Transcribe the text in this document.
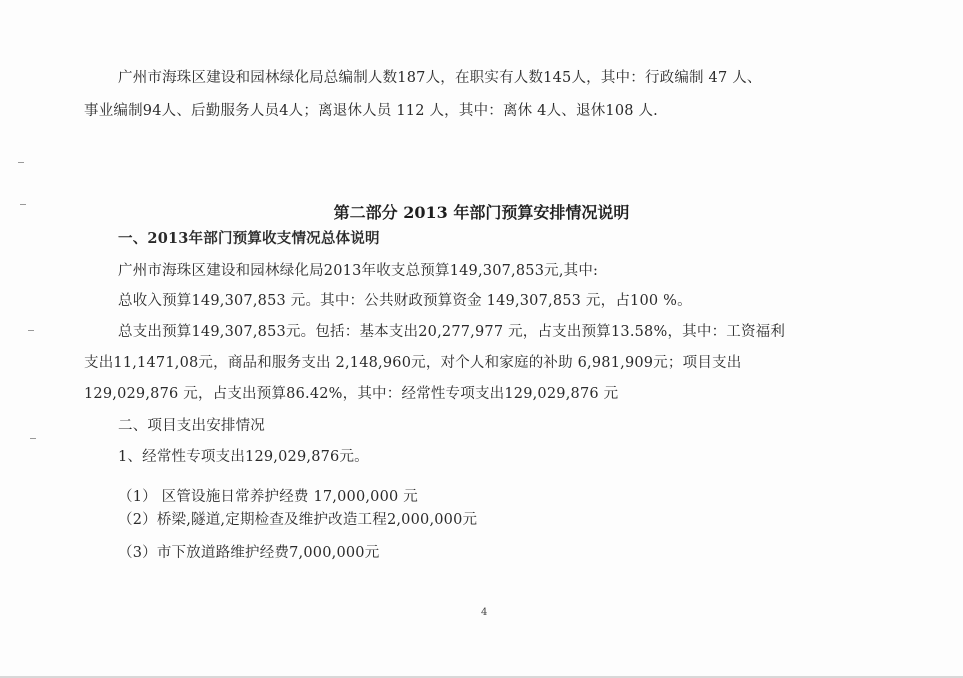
广州市海珠区建设和园林绿化局总编制人数187人，在职实有人数145人，其中：行政编制 47 人、
事业编制94人、后勤服务人员4人；离退休人员 112 人，其中：离休 4人、退休108 人.
第二部分 2013 年部门预算安排情况说明
一、2013年部门预算收支情况总体说明
广州市海珠区建设和园林绿化局2013年收支总预算149,307,853元,其中:
总收入预算149,307,853 元。其中：公共财政预算资金 149,307,853 元，占100 %。
总支出预算149,307,853元。包括：基本支出20,277,977 元，占支出预算13.58%，其中：工资福利
支出11,1471,08元，商品和服务支出 2,148,960元，对个人和家庭的补助 6,981,909元；项目支出
129,029,876 元，占支出预算86.42%，其中：经常性专项支出129,029,876 元
二、项目支出安排情况
1、经常性专项支出129,029,876元。
（1） 区管设施日常养护经费 17,000,000 元
（2）桥梁,隧道,定期检查及维护改造工程2,000,000元
（3）市下放道路维护经费7,000,000元
4
